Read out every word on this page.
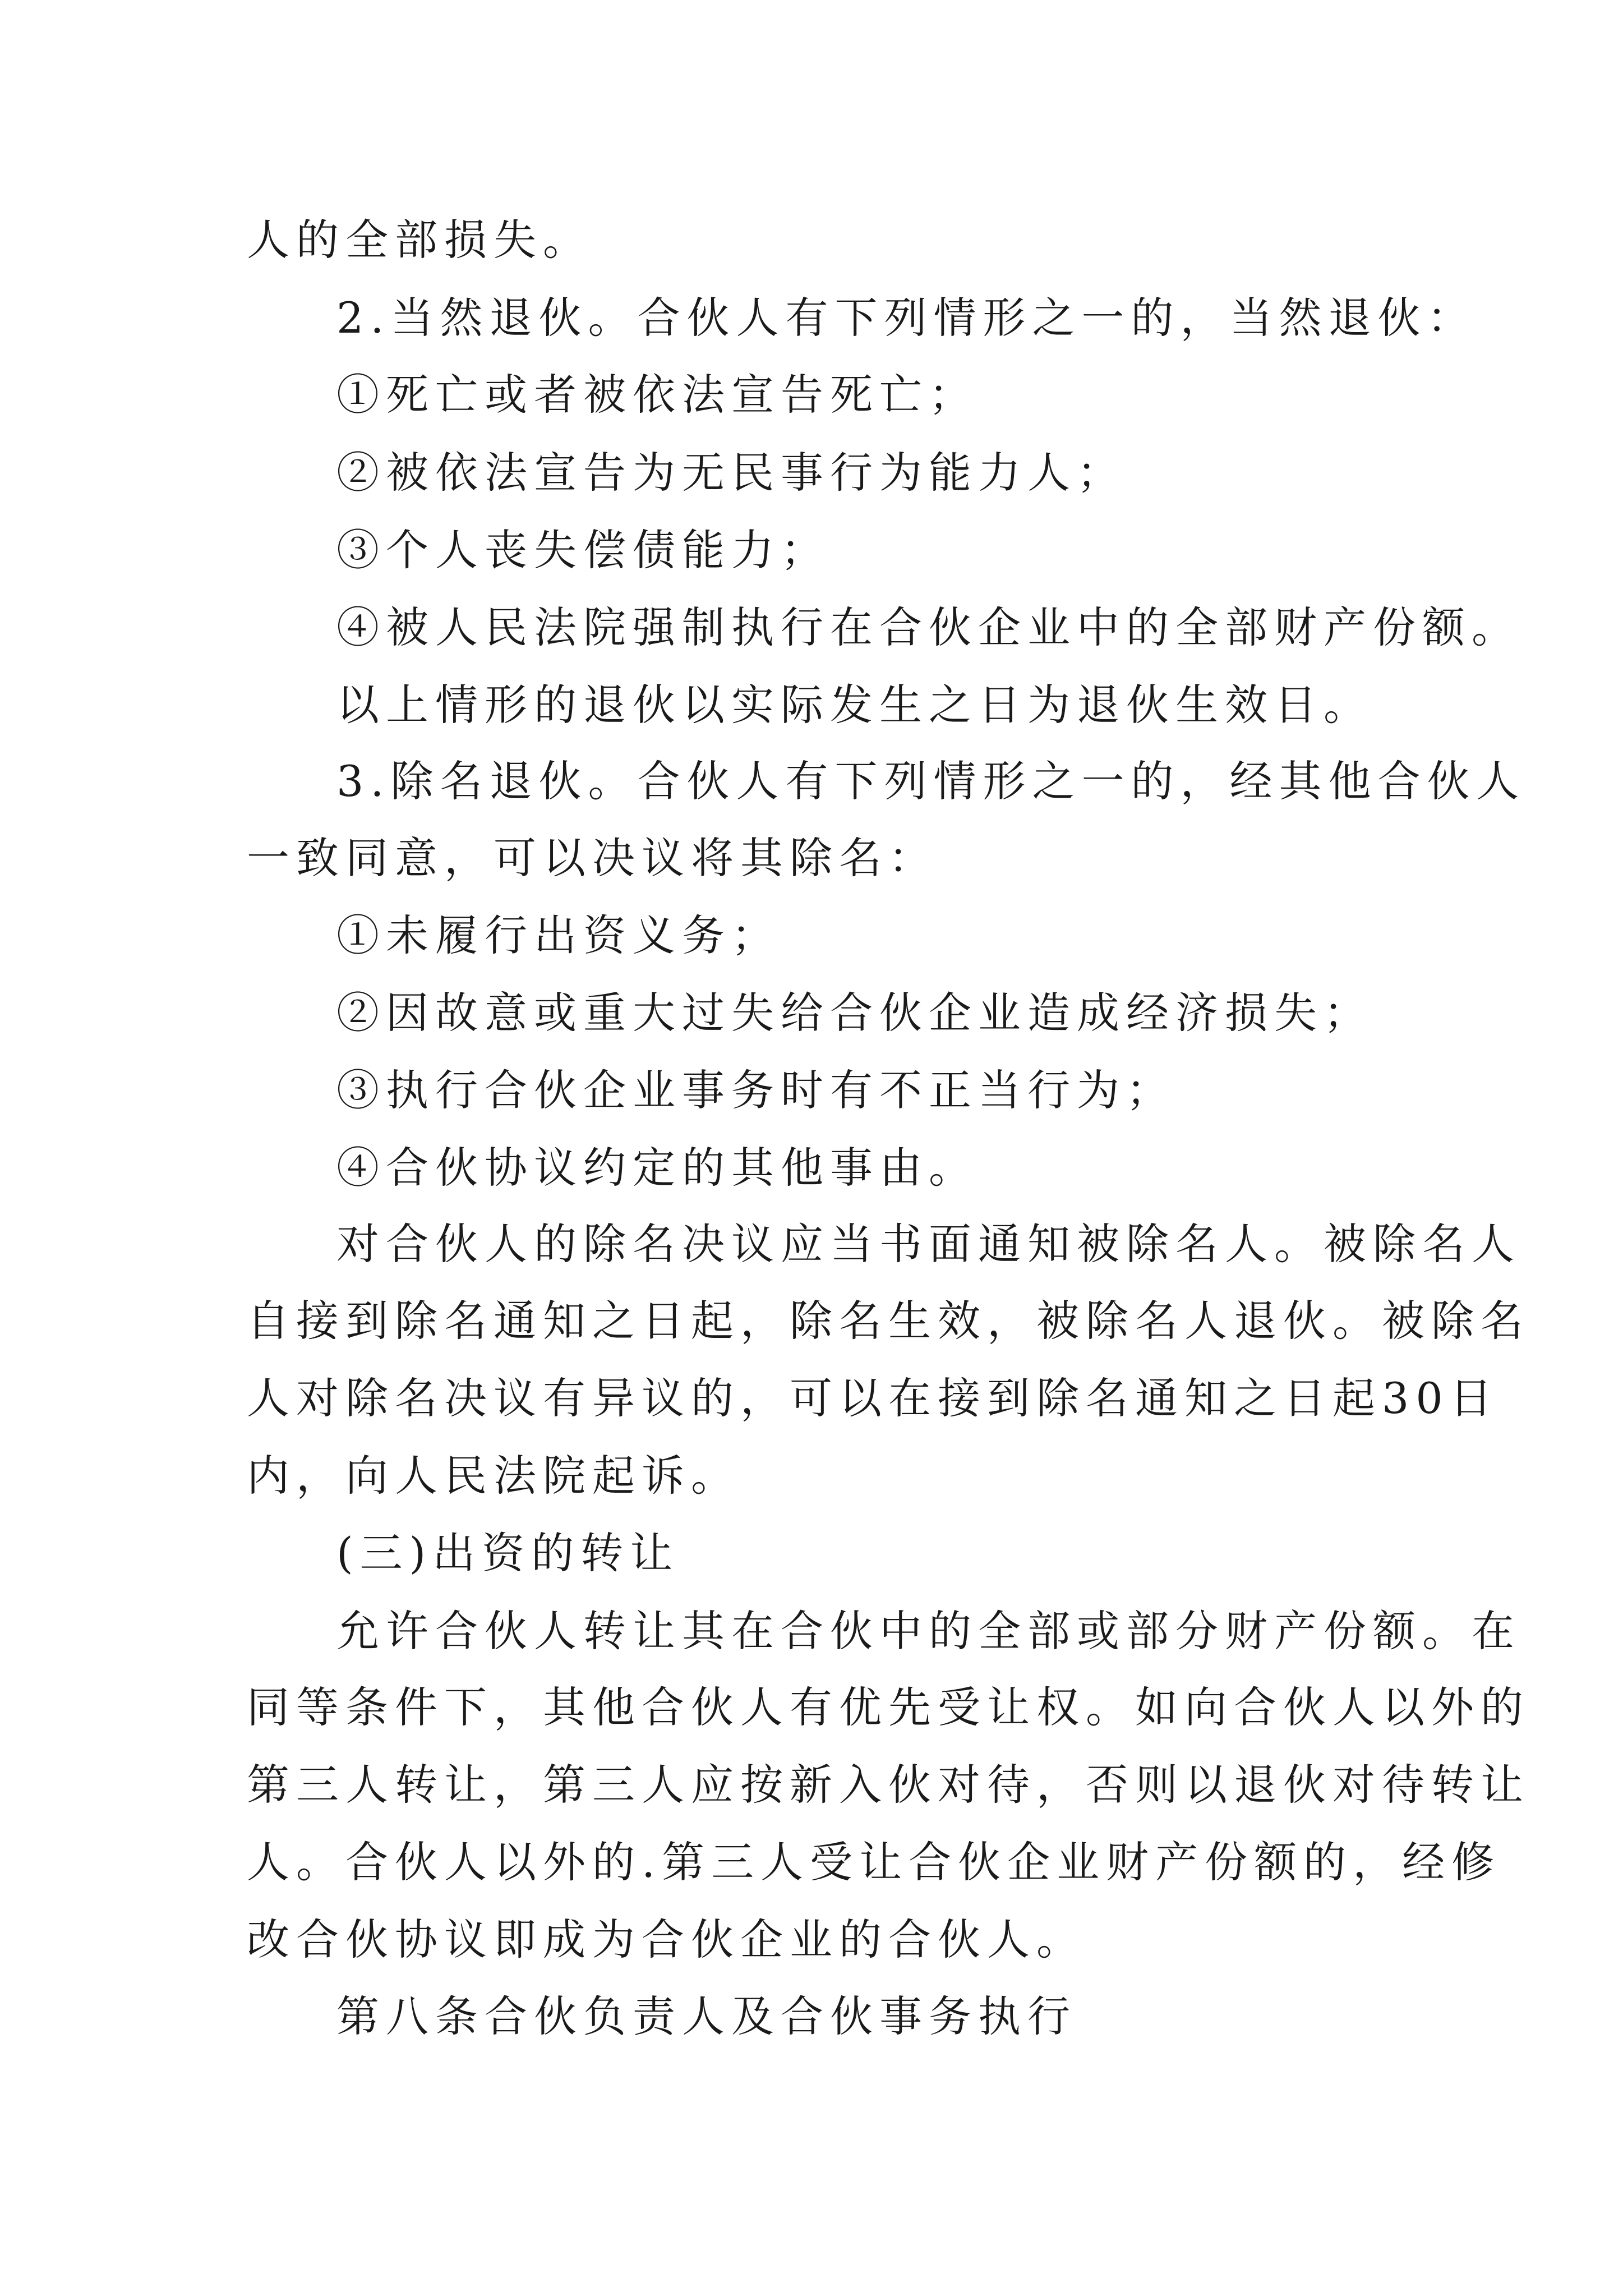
人的全部损失。
2.当然退伙。合伙人有下列情形之一的，当然退伙：
①死亡或者被依法宣告死亡；
②被依法宣告为无民事行为能力人；
③个人丧失偿债能力；
④被人民法院强制执行在合伙企业中的全部财产份额。
以上情形的退伙以实际发生之日为退伙生效日。
3.除名退伙。合伙人有下列情形之一的，经其他合伙人
一致同意，可以决议将其除名：
①未履行出资义务；
②因故意或重大过失给合伙企业造成经济损失；
③执行合伙企业事务时有不正当行为；
④合伙协议约定的其他事由。
对合伙人的除名决议应当书面通知被除名人。被除名人
自接到除名通知之日起，除名生效，被除名人退伙。被除名
人对除名决议有异议的，可以在接到除名通知之日起30日
内，向人民法院起诉。
(三)出资的转让
允许合伙人转让其在合伙中的全部或部分财产份额。在
同等条件下，其他合伙人有优先受让权。如向合伙人以外的
第三人转让，第三人应按新入伙对待，否则以退伙对待转让
人。合伙人以外的.第三人受让合伙企业财产份额的，经修
改合伙协议即成为合伙企业的合伙人。
第八条合伙负责人及合伙事务执行
